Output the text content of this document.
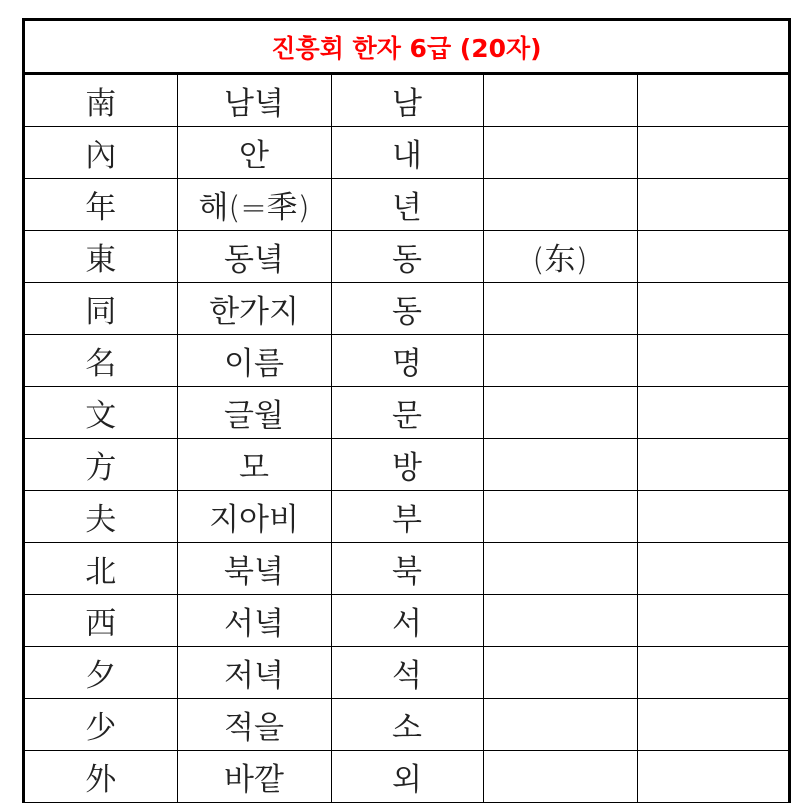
진흥회 한자 6급 (20자)
南	남녘	남		
內	안	내		
年	해(=秊)	년		
東	동녘	동	(东)	
同	한가지	동		
名	이름	명		
文	글월	문		
方	모	방		
夫	지아비	부		
北	북녘	북		
西	서녘	서		
夕	저녁	석		
少	적을	소		
外	바깥	외		
